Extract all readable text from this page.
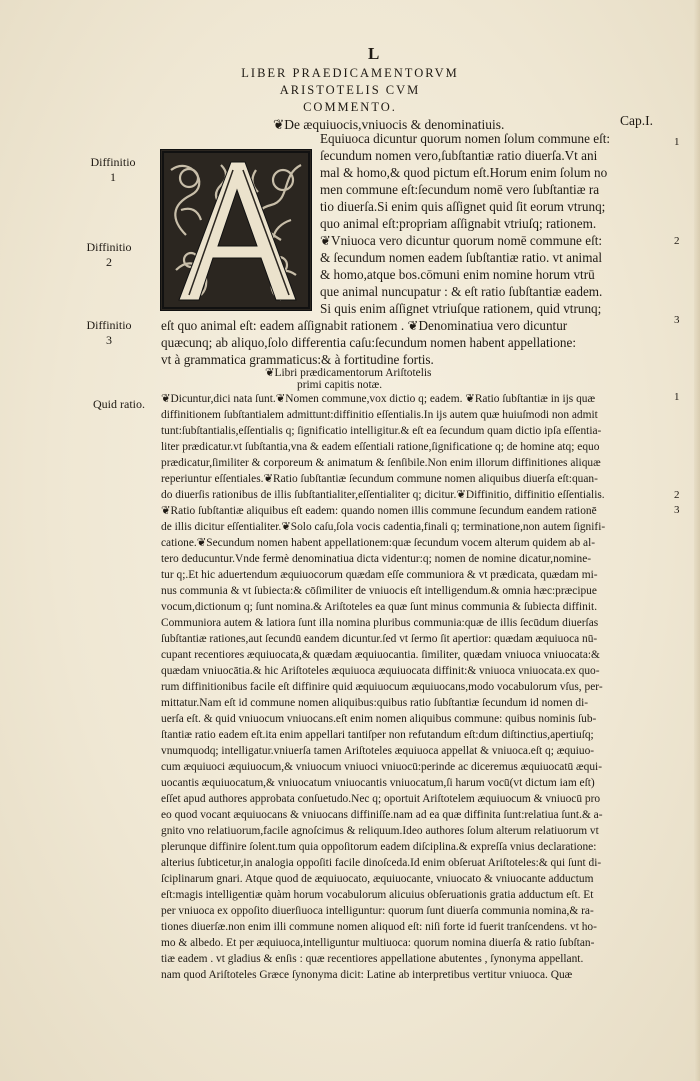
L
LIBER PRAEDICAMENTORVM
ARISTOTELIS CVM
COMMENTO.
❦De æquiuocis,vniuocis & denominatiuis.	Cap.I.
Diffinitio
1
Diffinitio
2
Diffinitio
3
Quid ratio.
1
2
3
1
2
3
Equiuoca dicuntur quorum nomen ſolum commune eſt:
ſecundum nomen vero,ſubſtantiæ ratio diuerſa.Vt ani
mal & homo,& quod pictum eſt.Horum enim ſolum no
men commune eſt:ſecundum nomē vero ſubſtantiæ ra
tio diuerſa.Si enim quis aſſignet quid ſit eorum vtrunq;
quo animal eſt:propriam aſſignabit vtriuſq; rationem.
❦Vniuoca vero dicuntur quorum nomē commune eſt:
& ſecundum nomen eadem ſubſtantiæ ratio. vt animal
& homo,atque bos.cōmuni enim nomine horum vtrū
que animal nuncupatur : & eſt ratio ſubſtantiæ eadem.
Si quis enim aſſignet vtriuſque rationem, quid vtrunq;
eſt quo animal eſt: eadem aſſignabit rationem . ❦Denominatiua vero dicuntur
quæcunq; ab aliquo,ſolo differentia caſu:ſecundum nomen habent appellatione:
vt à grammatica grammaticus:& à fortitudine fortis.
❦Libri prædicamentorum Ariſtotelis
primi capitis notæ.
❦Dicuntur,dici nata ſunt.❦Nomen commune,vox dictio q; eadem. ❦Ratio ſubſtantiæ in ijs quæ
diffinitionem ſubſtantialem admittunt:diffinitio eſſentialis.In ijs autem quæ huiuſmodi non admit
tunt:ſubſtantialis,eſſentialis q; ſignificatio intelligitur.& eſt ea ſecundum quam dictio ipſa eſſentia-
liter prædicatur.vt ſubſtantia,vna & eadem eſſentiali ratione,ſignificatione q; de homine atq; equo
prædicatur,ſimiliter & corporeum & animatum & ſenſibile.Non enim illorum diffinitiones aliquæ
reperiuntur eſſentiales.❦Ratio ſubſtantiæ ſecundum commune nomen aliquibus diuerſa eſt:quan-
do diuerſis rationibus de illis ſubſtantialiter,eſſentialiter q; dicitur.❦Diffinitio, diffinitio eſſentialis.
❦Ratio ſubſtantiæ aliquibus eſt eadem: quando nomen illis commune ſecundum eandem rationē
de illis dicitur eſſentialiter.❦Solo caſu,ſola vocis cadentia,finali q; terminatione,non autem ſignifi-
catione.❦Secundum nomen habent appellationem:quæ ſecundum vocem alterum quidem ab al-
tero deducuntur.Vnde fermè denominatiua dicta videntur:q; nomen de nomine dicatur,nomine-
tur q;.Et hic aduertendum æquiuocorum quædam eſſe communiora & vt prædicata, quædam mi-
nus communia & vt ſubiecta:& cōſimiliter de vniuocis eſt intelligendum.& omnia hæc:præcipue
vocum,dictionum q; ſunt nomina.& Ariſtoteles ea quæ ſunt minus communia & ſubiecta diffinit.
Communiora autem & latiora ſunt illa nomina pluribus communia:quæ de illis ſecūdum diuerſas
ſubſtantiæ rationes,aut ſecundū eandem dicuntur.ſed vt ſermo ſit apertior: quædam æquiuoca nū-
cupant recentiores æquiuocata,& quædam æquiuocantia. ſimiliter, quædam vniuoca vniuocata:&
quædam vniuocātia.& hic Ariſtoteles æquiuoca æquiuocata diffinit:& vniuoca vniuocata.ex quo-
rum diffinitionibus facile eſt diffinire quid æquiuocum æquiuocans,modo vocabulorum vſus, per-
mittatur.Nam eſt id commune nomen aliquibus:quibus ratio ſubſtantiæ ſecundum id nomen di-
uerſa eſt. & quid vniuocum vniuocans.eſt enim nomen aliquibus commune: quibus nominis ſub-
ſtantiæ ratio eadem eſt.ita enim appellari tantiſper non refutandum eſt:dum diſtinctius,apertiuſq;
vnumquodq; intelligatur.vniuerſa tamen Ariſtoteles æquiuoca appellat & vniuoca.eſt q; æquiuo-
cum æquiuoci æquiuocum,& vniuocum vniuoci vniuocū:perinde ac diceremus æquiuocatū æqui-
uocantis æquiuocatum,& vniuocatum vniuocantis vniuocatum,ſi harum vocū(vt dictum iam eſt)
eſſet apud authores approbata conſuetudo.Nec q; oportuit Ariſtotelem æquiuocum & vniuocū pro
eo quod vocant æquiuocans & vniuocans diffiniſſe.nam ad ea quæ diffinita ſunt:relatiua ſunt.& a-
gnito vno relatiuorum,facile agnoſcimus & reliquum.Ideo authores ſolum alterum relatiuorum vt
plerunque diffinire ſolent.tum quia oppoſitorum eadem diſciplina.& expreſſa vnius declaratione:
alterius ſubticetur,in analogia oppoſiti facile dinoſceda.Id enim obſeruat Ariſtoteles:& qui ſunt di-
ſciplinarum gnari. Atque quod de æquiuocato, æquiuocante, vniuocato & vniuocante adductum
eſt:magis intelligentiæ quàm horum vocabulorum alicuius obſeruationis gratia adductum eſt. Et
per vniuoca ex oppoſito diuerſiuoca intelliguntur: quorum ſunt diuerſa communia nomina,& ra-
tiones diuerſæ.non enim illi commune nomen aliquod eſt: niſi forte id fuerit tranſcendens. vt ho-
mo & albedo. Et per æquiuoca,intelliguntur multiuoca: quorum nomina diuerſa & ratio ſubſtan-
tiæ eadem . vt gladius & enſis : quæ recentiores appellatione abutentes , ſynonyma appellant.
nam quod Ariſtoteles Græce ſynonyma dicit: Latine ab interpretibus vertitur vniuoca. Quæ
